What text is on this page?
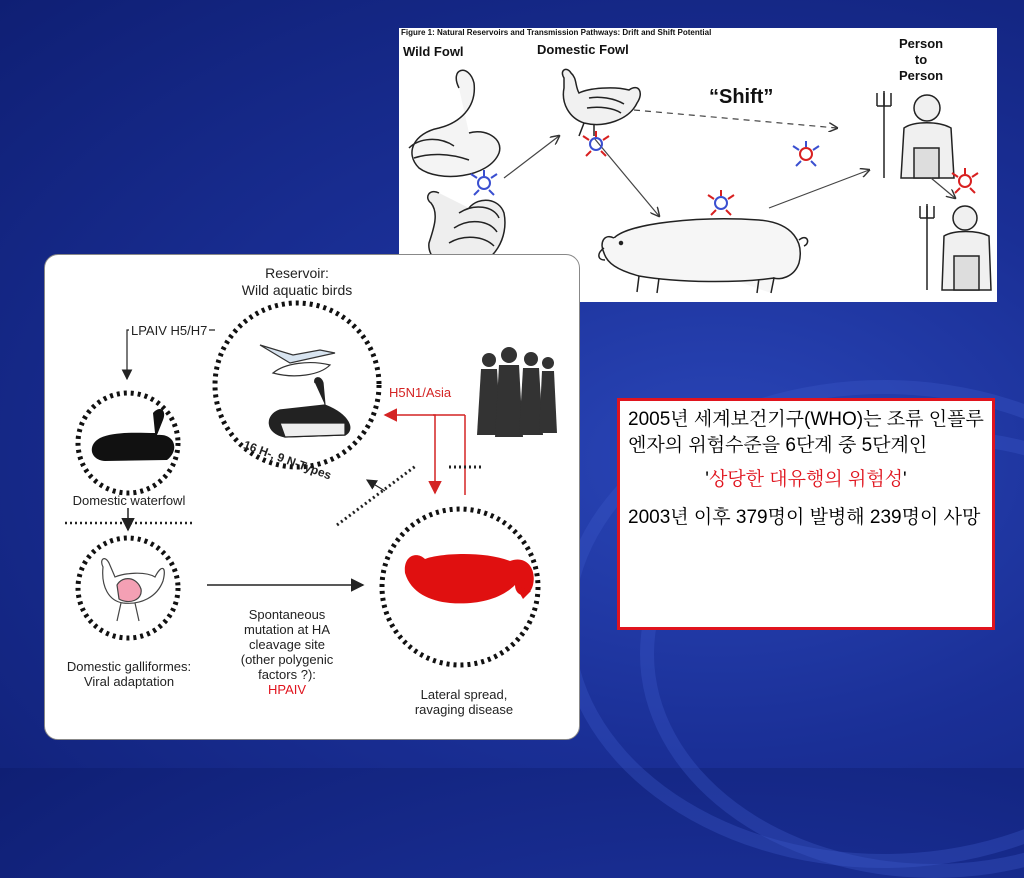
Figure 1: Natural Reservoirs and Transmission Pathways: Drift and Shift Potential
Wild Fowl	Domestic Fowl	Person
to
Person
“Shift”
Reservoir:
Wild aquatic birds
LPAIV H5/H7
16 H-, 9 N-Types
H5N1/Asia
Domestic waterfowl
Domestic galliformes:
Viral adaptation
Spontaneous
mutation at HA
cleavage site
(other polygenic
factors ?):
HPAIV	Lateral spread,
ravaging disease

2005년 세계보건기구(WHO)는 조류 인플루엔자의 위험수준을 6단계 중 5단계인

'상당한 대유행의 위험성'

2003년 이후 379명이 발병해 239명이 사망
